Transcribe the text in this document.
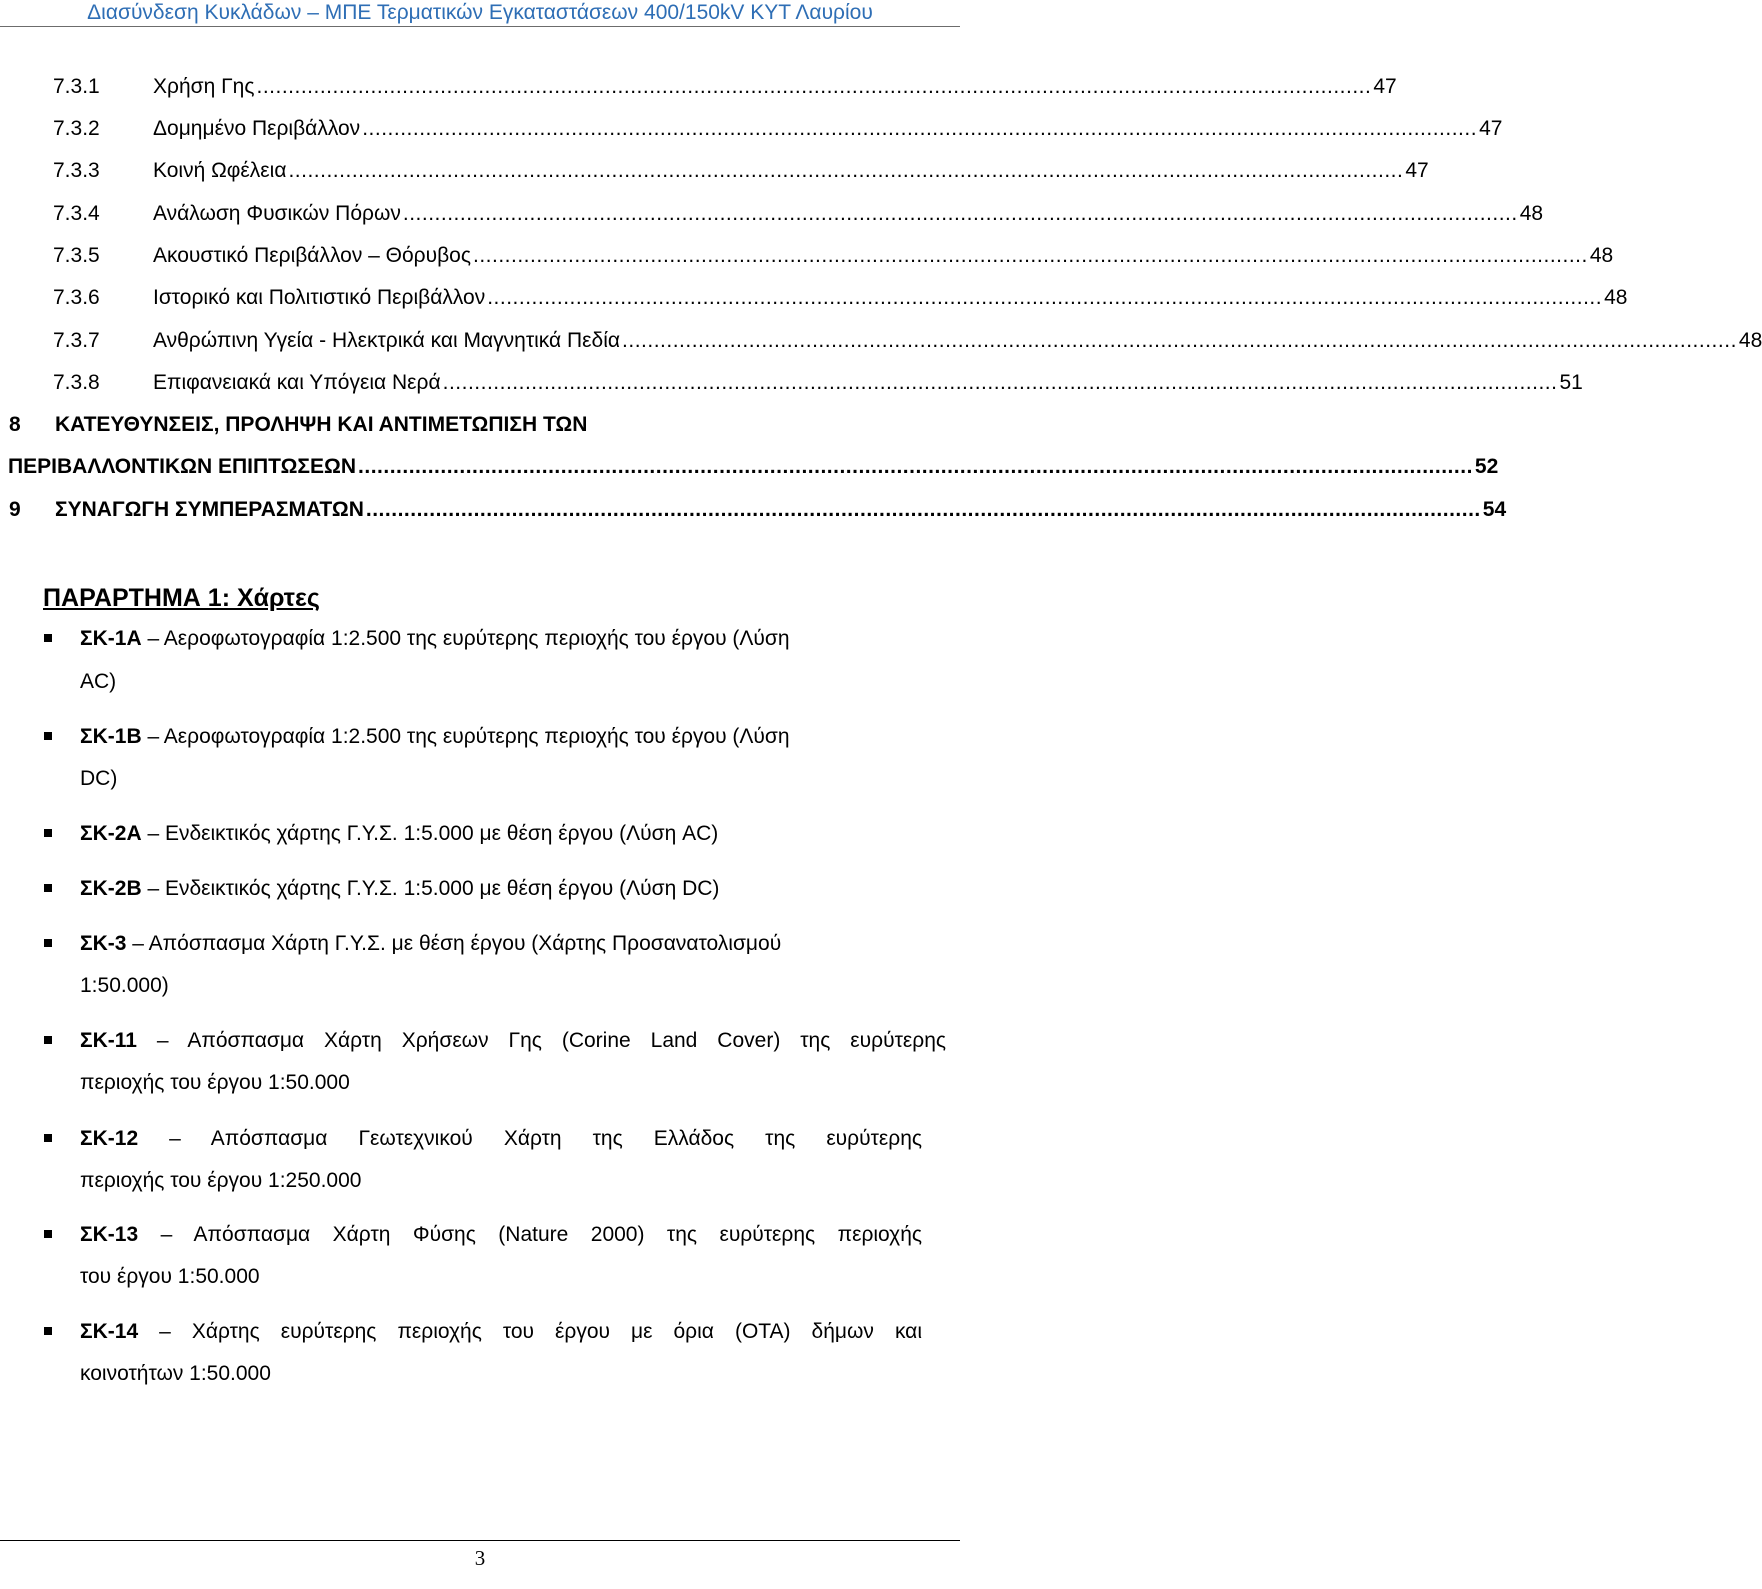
Διασύνδεση Κυκλάδων – ΜΠΕ Τερματικών Εγκαταστάσεων 400/150kV ΚΥΤ Λαυρίου
7.3.1	Χρήση Γης ................................................................................................................................................................................ 47
7.3.2	Δομημένο Περιβάλλον ................................................................................................................................................................................ 47
7.3.3	Κοινή Ωφέλεια ................................................................................................................................................................................ 47
7.3.4	Ανάλωση Φυσικών Πόρων ................................................................................................................................................................................ 48
7.3.5	Ακουστικό Περιβάλλον – Θόρυβος ................................................................................................................................................................................ 48
7.3.6	Ιστορικό και Πολιτιστικό Περιβάλλον ................................................................................................................................................................................ 48
7.3.7	Ανθρώπινη Υγεία - Ηλεκτρικά και Μαγνητικά Πεδία ................................................................................................................................................................................ 48
7.3.8	Επιφανειακά και Υπόγεια Νερά ................................................................................................................................................................................ 51
8 ΚΑΤΕΥΘΥΝΣΕΙΣ, ΠΡΟΛΗΨΗ ΚΑΙ ΑΝΤΙΜΕΤΩΠΙΣΗ ΤΩΝ
ΠΕΡΙΒΑΛΛΟΝΤΙΚΩΝ ΕΠΙΠΤΩΣΕΩΝ ................................................................................................................................................................................ 52
9 ΣΥΝΑΓΩΓΗ ΣΥΜΠΕΡΑΣΜΑΤΩΝ ................................................................................................................................................................................ 54
ΠΑΡΑΡΤΗΜΑ 1: Χάρτες
ΣΚ-1Α – Αεροφωτογραφία 1:2.500 της ευρύτερης περιοχής του έργου (Λύση
AC)
ΣΚ-1Β – Αεροφωτογραφία 1:2.500 της ευρύτερης περιοχής του έργου (Λύση
DC)
ΣΚ-2Α – Ενδεικτικός χάρτης Γ.Υ.Σ. 1:5.000 με θέση έργου (Λύση AC)
ΣΚ-2Β – Ενδεικτικός χάρτης Γ.Υ.Σ. 1:5.000 με θέση έργου (Λύση DC)
ΣΚ-3 – Απόσπασμα Χάρτη Γ.Υ.Σ. με θέση έργου (Χάρτης Προσανατολισμού
1:50.000)
ΣΚ-11 – Απόσπασμα Χάρτη Χρήσεων Γης (Corine Land Cover) της ευρύτερης
περιοχής του έργου 1:50.000
ΣΚ-12 – Απόσπασμα Γεωτεχνικού Χάρτη της Ελλάδος της ευρύτερης
περιοχής του έργου 1:250.000
ΣΚ-13 – Απόσπασμα Χάρτη Φύσης (Nature 2000) της ευρύτερης περιοχής
του έργου 1:50.000
ΣΚ-14 – Χάρτης ευρύτερης περιοχής του έργου με όρια (ΟΤΑ) δήμων και
κοινοτήτων 1:50.000
3
